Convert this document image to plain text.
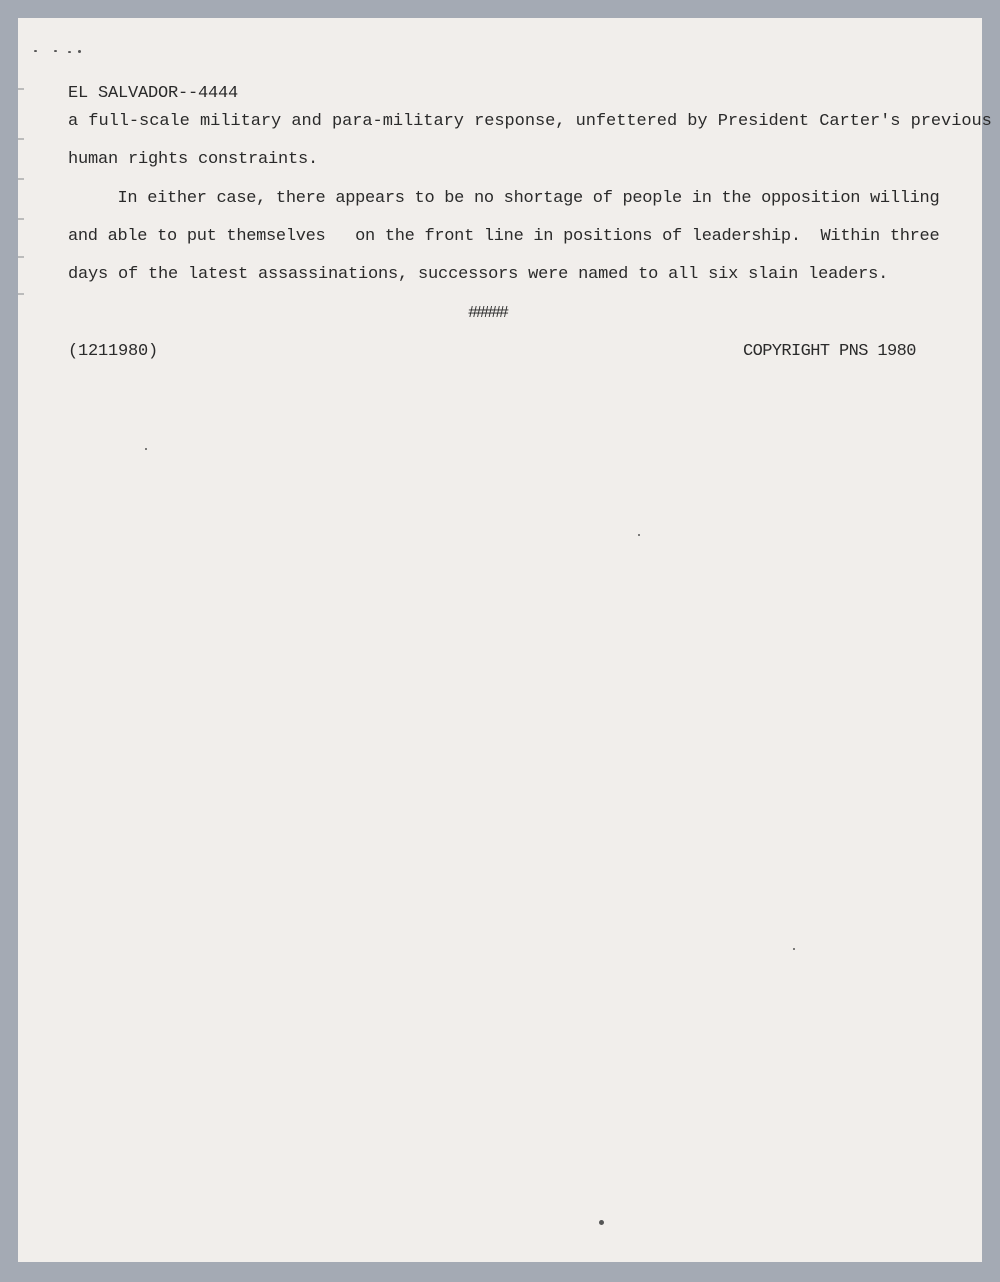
EL SALVADOR--4444
a full-scale military and para-military response, unfettered by President Carter's previous
human rights constraints.
In either case, there appears to be no shortage of people in the opposition willing
and able to put themselves   on the front line in positions of leadership.  Within three
days of the latest assassinations, successors were named to all six slain leaders.
#####
(1211980)	COPYRIGHT PNS 1980
